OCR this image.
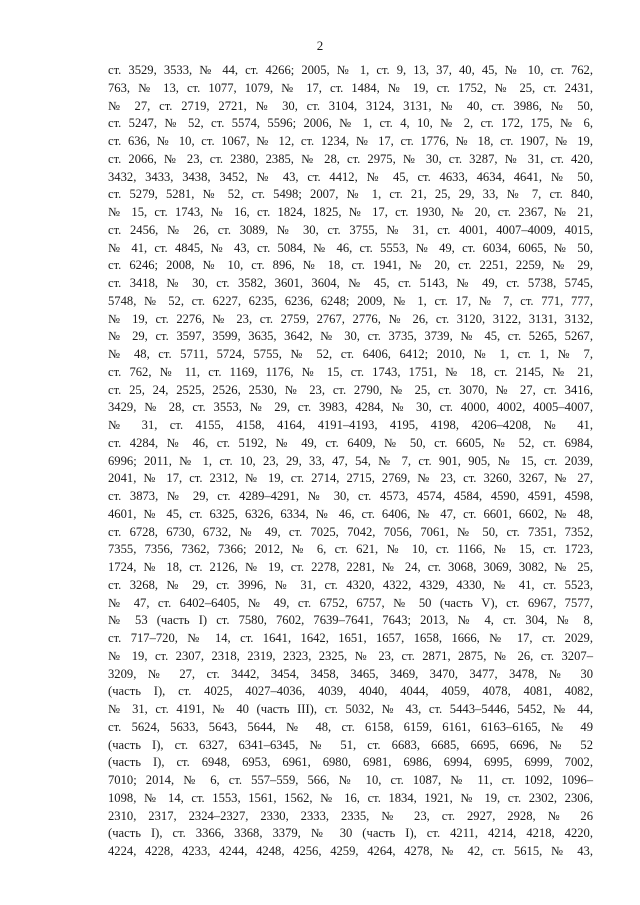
2
ст. 3529, 3533, № 44, ст. 4266; 2005, № 1, ст. 9, 13, 37, 40, 45, № 10, ст. 762,
763, № 13, ст. 1077, 1079, № 17, ст. 1484, № 19, ст. 1752, № 25, ст. 2431,
№ 27, ст. 2719, 2721, № 30, ст. 3104, 3124, 3131, № 40, ст. 3986, № 50,
ст. 5247, № 52, ст. 5574, 5596; 2006, № 1, ст. 4, 10, № 2, ст. 172, 175, № 6,
ст. 636, № 10, ст. 1067, № 12, ст. 1234, № 17, ст. 1776, № 18, ст. 1907, № 19,
ст. 2066, № 23, ст. 2380, 2385, № 28, ст. 2975, № 30, ст. 3287, № 31, ст. 420,
3432, 3433, 3438, 3452, № 43, ст. 4412, № 45, ст. 4633, 4634, 4641, № 50,
ст. 5279, 5281, № 52, ст. 5498; 2007, № 1, ст. 21, 25, 29, 33, № 7, ст. 840,
№ 15, ст. 1743, № 16, ст. 1824, 1825, № 17, ст. 1930, № 20, ст. 2367, № 21,
ст. 2456, № 26, ст. 3089, № 30, ст. 3755, № 31, ст. 4001, 4007–4009, 4015,
№ 41, ст. 4845, № 43, ст. 5084, № 46, ст. 5553, № 49, ст. 6034, 6065, № 50,
ст. 6246; 2008, № 10, ст. 896, № 18, ст. 1941, № 20, ст. 2251, 2259, № 29,
ст. 3418, № 30, ст. 3582, 3601, 3604, № 45, ст. 5143, № 49, ст. 5738, 5745,
5748, № 52, ст. 6227, 6235, 6236, 6248; 2009, № 1, ст. 17, № 7, ст. 771, 777,
№ 19, ст. 2276, № 23, ст. 2759, 2767, 2776, № 26, ст. 3120, 3122, 3131, 3132,
№ 29, ст. 3597, 3599, 3635, 3642, № 30, ст. 3735, 3739, № 45, ст. 5265, 5267,
№ 48, ст. 5711, 5724, 5755, № 52, ст. 6406, 6412; 2010, № 1, ст. 1, № 7,
ст. 762, № 11, ст. 1169, 1176, № 15, ст. 1743, 1751, № 18, ст. 2145, № 21,
ст. 25, 24, 2525, 2526, 2530, № 23, ст. 2790, № 25, ст. 3070, № 27, ст. 3416,
3429, № 28, ст. 3553, № 29, ст. 3983, 4284, № 30, ст. 4000, 4002, 4005–4007,
№ 31, ст. 4155, 4158, 4164, 4191–4193, 4195, 4198, 4206–4208, № 41,
ст. 4284, № 46, ст. 5192, № 49, ст. 6409, № 50, ст. 6605, № 52, ст. 6984,
6996; 2011, № 1, ст. 10, 23, 29, 33, 47, 54, № 7, ст. 901, 905, № 15, ст. 2039,
2041, № 17, ст. 2312, № 19, ст. 2714, 2715, 2769, № 23, ст. 3260, 3267, № 27,
ст. 3873, № 29, ст. 4289–4291, № 30, ст. 4573, 4574, 4584, 4590, 4591, 4598,
4601, № 45, ст. 6325, 6326, 6334, № 46, ст. 6406, № 47, ст. 6601, 6602, № 48,
ст. 6728, 6730, 6732, № 49, ст. 7025, 7042, 7056, 7061, № 50, ст. 7351, 7352,
7355, 7356, 7362, 7366; 2012, № 6, ст. 621, № 10, ст. 1166, № 15, ст. 1723,
1724, № 18, ст. 2126, № 19, ст. 2278, 2281, № 24, ст. 3068, 3069, 3082, № 25,
ст. 3268, № 29, ст. 3996, № 31, ст. 4320, 4322, 4329, 4330, № 41, ст. 5523,
№ 47, ст. 6402–6405, № 49, ст. 6752, 6757, № 50 (часть V), ст. 6967, 7577,
№ 53 (часть I) ст. 7580, 7602, 7639–7641, 7643; 2013, № 4, ст. 304, № 8,
ст. 717–720, № 14, ст. 1641, 1642, 1651, 1657, 1658, 1666, № 17, ст. 2029,
№ 19, ст. 2307, 2318, 2319, 2323, 2325, № 23, ст. 2871, 2875, № 26, ст. 3207–
3209, № 27, ст. 3442, 3454, 3458, 3465, 3469, 3470, 3477, 3478, № 30
(часть I), ст. 4025, 4027–4036, 4039, 4040, 4044, 4059, 4078, 4081, 4082,
№ 31, ст. 4191, № 40 (часть III), ст. 5032, № 43, ст. 5443–5446, 5452, № 44,
ст. 5624, 5633, 5643, 5644, № 48, ст. 6158, 6159, 6161, 6163–6165, № 49
(часть I), ст. 6327, 6341–6345, № 51, ст. 6683, 6685, 6695, 6696, № 52
(часть I), ст. 6948, 6953, 6961, 6980, 6981, 6986, 6994, 6995, 6999, 7002,
7010; 2014, № 6, ст. 557–559, 566, № 10, ст. 1087, № 11, ст. 1092, 1096–
1098, № 14, ст. 1553, 1561, 1562, № 16, ст. 1834, 1921, № 19, ст. 2302, 2306,
2310, 2317, 2324–2327, 2330, 2333, 2335, № 23, ст. 2927, 2928, № 26
(часть I), ст. 3366, 3368, 3379, № 30 (часть I), ст. 4211, 4214, 4218, 4220,
4224, 4228, 4233, 4244, 4248, 4256, 4259, 4264, 4278, № 42, ст. 5615, № 43,
